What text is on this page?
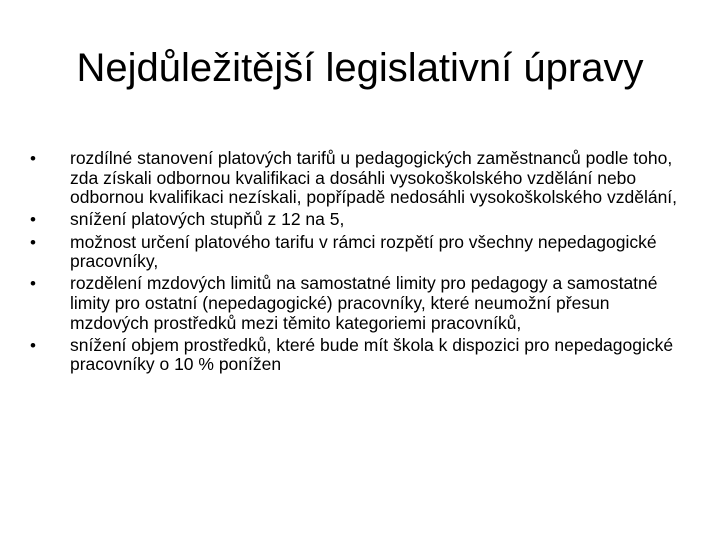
Nejdůležitější legislativní úpravy
• rozdílné stanovení platových tarifů u pedagogických zaměstnanců podle toho, zda získali odbornou kvalifikaci a dosáhli vysokoškolského vzdělání nebo odbornou kvalifikaci nezískali, popřípadě nedosáhli vysokoškolského vzdělání,
• snížení platových stupňů z 12 na 5,
• možnost určení platového tarifu v rámci rozpětí pro všechny nepedagogické pracovníky,
• rozdělení mzdových limitů na samostatné limity pro pedagogy a samostatné limity pro ostatní (nepedagogické) pracovníky, které neumožní přesun mzdových prostředků mezi těmito kategoriemi pracovníků,
• snížení objem prostředků, které bude mít škola k dispozici pro nepedagogické pracovníky o 10 % ponížen
